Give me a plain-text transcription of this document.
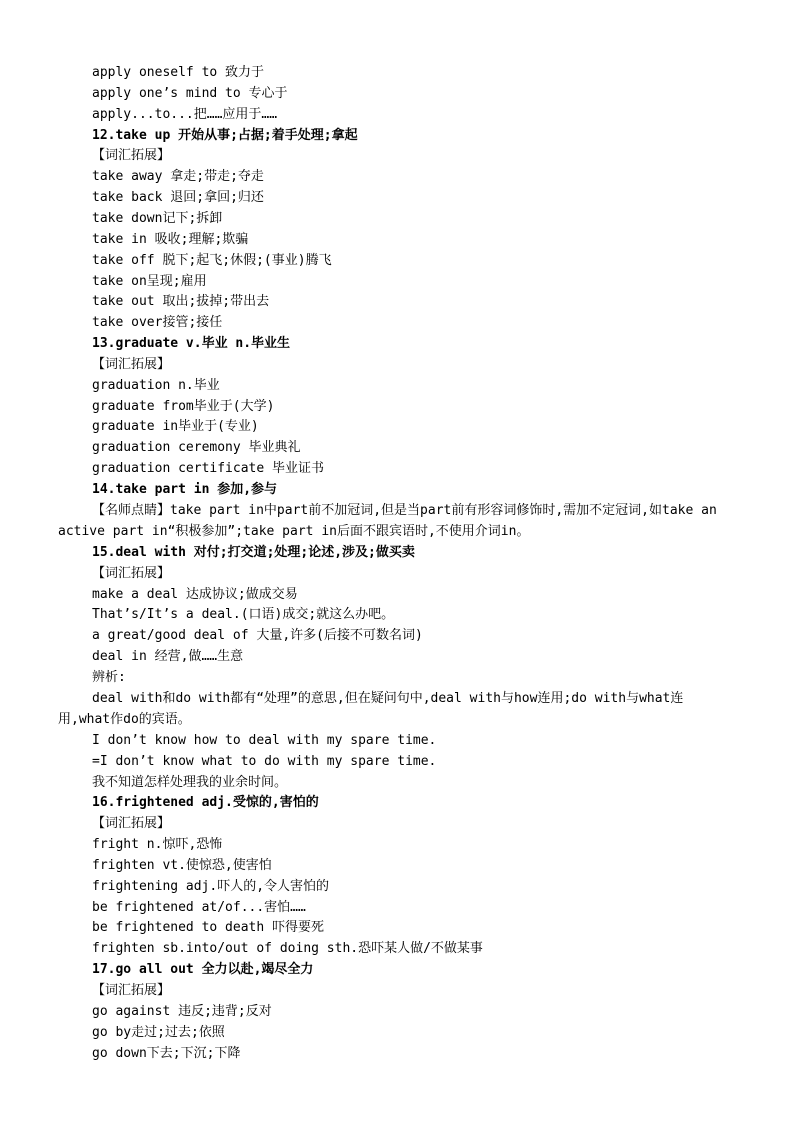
apply oneself to 致力于
apply one’s mind to 专心于
apply...to...把……应用于……
12.take up 开始从事;占据;着手处理;拿起
【词汇拓展】
take away 拿走;带走;夺走
take back 退回;拿回;归还
take down记下;拆卸
take in 吸收;理解;欺骗
take off 脱下;起飞;休假;(事业)腾飞
take on呈现;雇用
take out 取出;拔掉;带出去
take over接管;接任
13.graduate v.毕业 n.毕业生
【词汇拓展】
graduation n.毕业
graduate from毕业于(大学)
graduate in毕业于(专业)
graduation ceremony 毕业典礼
graduation certificate 毕业证书
14.take part in 参加,参与
【名师点睛】take part in中part前不加冠词,但是当part前有形容词修饰时,需加不定冠词,如take an active part in“积极参加”;take part in后面不跟宾语时,不使用介词in。
15.deal with 对付;打交道;处理;论述,涉及;做买卖
【词汇拓展】
make a deal 达成协议;做成交易
That’s/It’s a deal.(口语)成交;就这么办吧。
a great/good deal of 大量,许多(后接不可数名词)
deal in 经营,做……生意
辨析:
deal with和do with都有“处理”的意思,但在疑问句中,deal with与how连用;do with与what连用,what作do的宾语。
I don’t know how to deal with my spare time.
=I don’t know what to do with my spare time.
我不知道怎样处理我的业余时间。
16.frightened adj.受惊的,害怕的
【词汇拓展】
fright n.惊吓,恐怖
frighten vt.使惊恐,使害怕
frightening adj.吓人的,令人害怕的
be frightened at/of...害怕……
be frightened to death 吓得要死
frighten sb.into/out of doing sth.恐吓某人做/不做某事
17.go all out 全力以赴,竭尽全力
【词汇拓展】
go against 违反;违背;反对
go by走过;过去;依照
go down下去;下沉;下降
